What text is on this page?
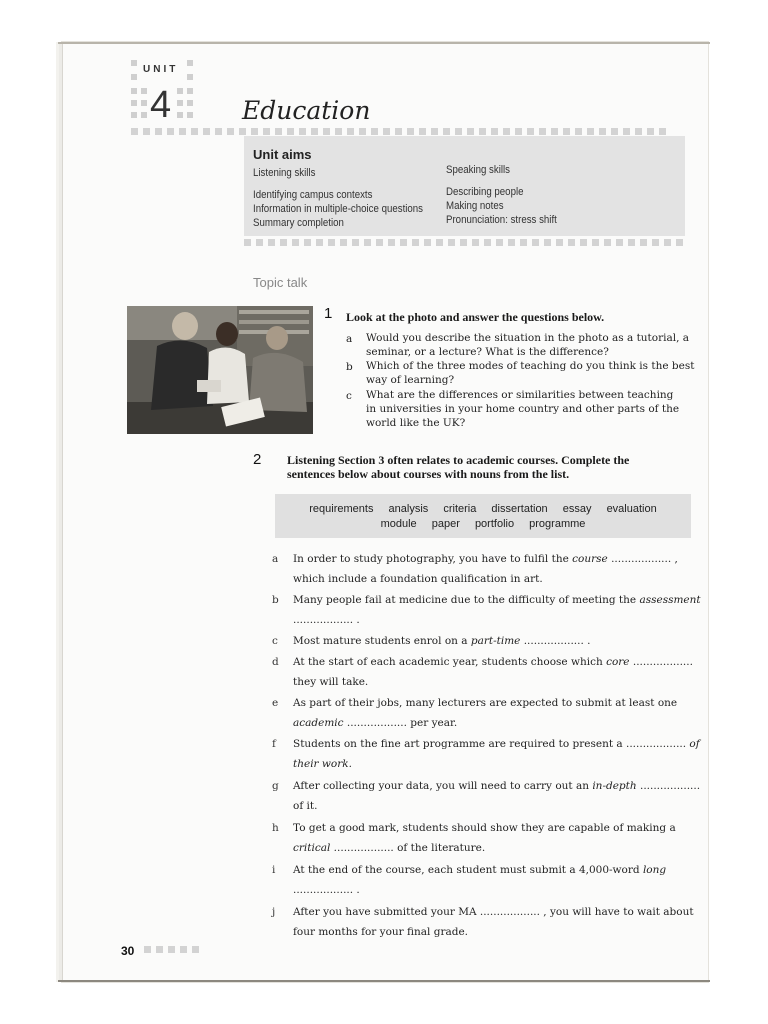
UNIT
4	Education
Unit aims
Listening skills
Identifying campus contexts
Information in multiple-choice questions
Summary completion
Speaking skills
Describing people
Making notes
Pronunciation: stress shift
Topic talk
1 Look at the photo and answer the questions below.
a Would you describe the situation in the photo as a tutorial, a
seminar, or a lecture? What is the difference?
b Which of the three modes of teaching do you think is the best
way of learning?
c What are the differences or similarities between teaching
in universities in your home country and other parts of the
world like the UK?
2 Listening Section 3 often relates to academic courses. Complete the
sentences below about courses with nouns from the list.
requirements analysis criteria dissertation essay evaluation
module paper portfolio programme
a In order to study photography, you have to fulfil the course .................. ,
which include a foundation qualification in art.
b Many people fail at medicine due to the difficulty of meeting the assessment
.................. .
c Most mature students enrol on a part-time .................. .
d At the start of each academic year, students choose which core ..................
they will take.
e As part of their jobs, many lecturers are expected to submit at least one
academic .................. per year.
f Students on the fine art programme are required to present a .................. of
their work.
g After collecting your data, you will need to carry out an in-depth ..................
of it.
h To get a good mark, students should show they are capable of making a
critical .................. of the literature.
i At the end of the course, each student must submit a 4,000-word long
.................. .
j After you have submitted your MA .................. , you will have to wait about
four months for your final grade.
30
